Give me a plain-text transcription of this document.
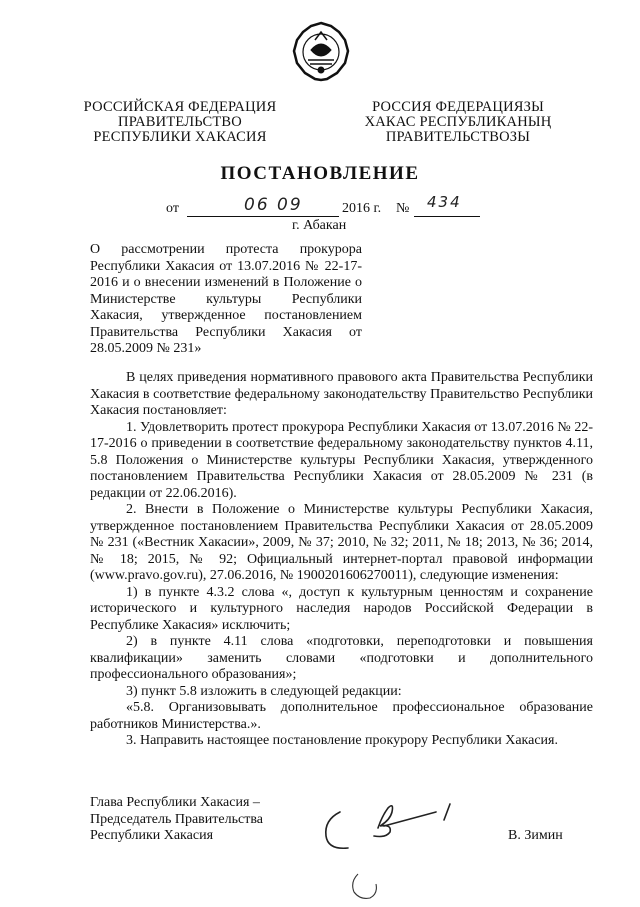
РОССИЙСКАЯ ФЕДЕРАЦИЯ
ПРАВИТЕЛЬСТВО
РЕСПУБЛИКИ ХАКАСИЯ
РОССИЯ ФЕДЕРАЦИЯЗЫ
ХАКАС РЕСПУБЛИКАНЫҢ
ПРАВИТЕЛЬСТВОЗЫ
ПОСТАНОВЛЕНИЕ
от	06 09	2016 г. № 434
г. Абакан
О рассмотрении протеста прокурора Республики Хакасия от 13.07.2016 № 22-17-2016 и о внесении изменений в Положение о Министерстве культуры Республики Хакасия, утвержденное постановлением Правительства Республики Хакасия от 28.05.2009 № 231»

В целях приведения нормативного правового акта Правительства Республики Хакасия в соответствие федеральному законодательству Правительство Республики Хакасия постановляет:

1. Удовлетворить протест прокурора Республики Хакасия от 13.07.2016 № 22-17-2016 о приведении в соответствие федеральному законодательству пунктов 4.11, 5.8 Положения о Министерстве культуры Республики Хакасия, утвержденного постановлением Правительства Республики Хакасия от 28.05.2009 № 231 (в редакции от 22.06.2016).

2. Внести в Положение о Министерстве культуры Республики Хакасия, утвержденное постановлением Правительства Республики Хакасия от 28.05.2009 № 231 («Вестник Хакасии», 2009, № 37; 2010, № 32; 2011, № 18; 2013, № 36; 2014, № 18; 2015, № 92; Официальный интернет-портал правовой информации (www.pravo.gov.ru), 27.06.2016, № 1900201606270011), следующие изменения:

1) в пункте 4.3.2 слова «, доступ к культурным ценностям и сохранение исторического и культурного наследия народов Российской Федерации в Республике Хакасия» исключить;

2) в пункте 4.11 слова «подготовки, переподготовки и повышения квалификации» заменить словами «подготовки и дополнительного профессионального образования»;

3) пункт 5.8 изложить в следующей редакции:

«5.8. Организовывать дополнительное профессиональное образование работников Министерства.».

3. Направить настоящее постановление прокурору Республики Хакасия.

Глава Республики Хакасия –
Председатель Правительства
Республики Хакасия	В. Зимин
